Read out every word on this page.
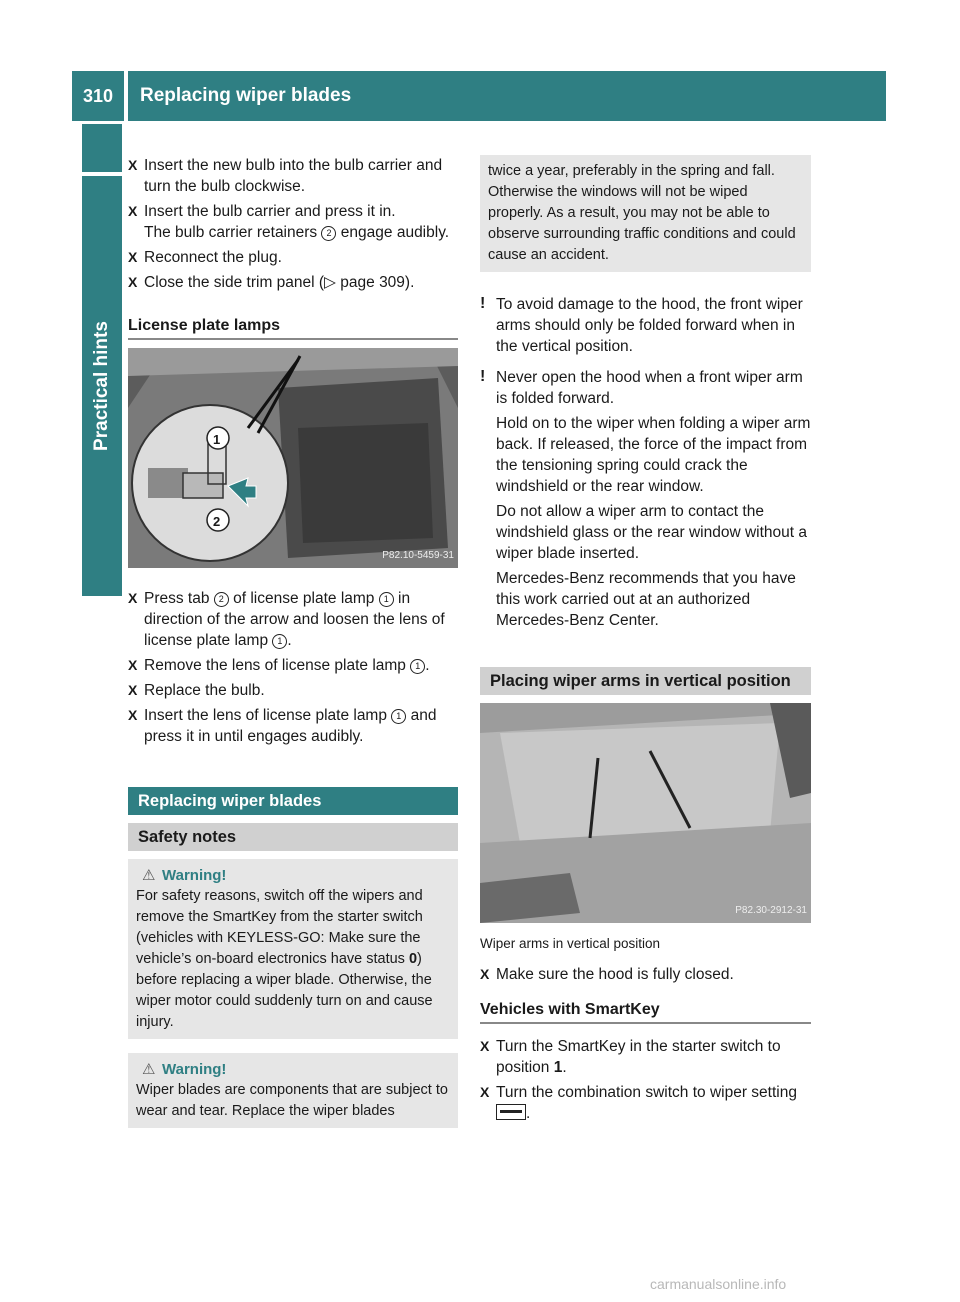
310	Replacing wiper blades
Practical hints
X Insert the new bulb into the bulb carrier and turn the bulb clockwise.
X Insert the bulb carrier and press it in.
The bulb carrier retainers 2 engage audibly.
X Reconnect the plug.
X Close the side trim panel (▷ page 309).
License plate lamps
1
2
P82.10-5459-31
X Press tab 2 of license plate lamp 1 in direction of the arrow and loosen the lens of license plate lamp 1 .
X Remove the lens of license plate lamp 1 .
X Replace the bulb.
X Insert the lens of license plate lamp 1 and press it in until engages audibly.
Replacing wiper blades
Safety notes
⚠ Warning!
For safety reasons, switch off the wipers and remove the SmartKey from the starter switch (vehicles with KEYLESS-GO: Make sure the vehicle’s on-board electronics have status 0) before replacing a wiper blade. Otherwise, the wiper motor could suddenly turn on and cause injury.
⚠ Warning!
Wiper blades are components that are subject to wear and tear. Replace the wiper blades
twice a year, preferably in the spring and fall. Otherwise the windows will not be wiped properly. As a result, you may not be able to observe surrounding traffic conditions and could cause an accident.
! To avoid damage to the hood, the front wiper arms should only be folded forward when in the vertical position.
! Never open the hood when a front wiper arm is folded forward.
Hold on to the wiper when folding a wiper arm back. If released, the force of the impact from the tensioning spring could crack the windshield or the rear window.
Do not allow a wiper arm to contact the windshield glass or the rear window without a wiper blade inserted.
Mercedes-Benz recommends that you have this work carried out at an authorized Mercedes-Benz Center.
Placing wiper arms in vertical position
P82.30-2912-31
Wiper arms in vertical position
X Make sure the hood is fully closed.
Vehicles with SmartKey
X Turn the SmartKey in the starter switch to position 1.
X Turn the combination switch to wiper setting
.
carmanualsonline.info
